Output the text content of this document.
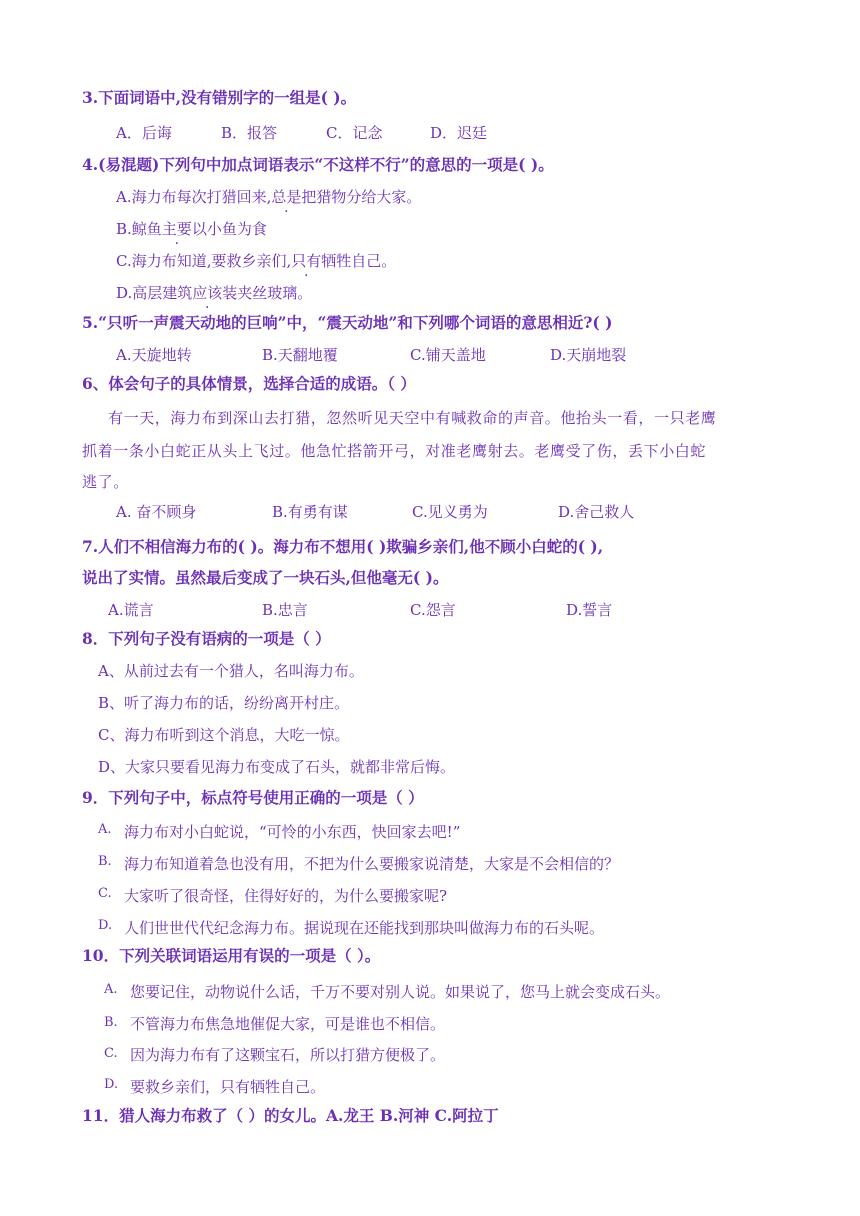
3.下面词语中,没有错别字的一组是( )。
A．后诲	B．报答	C．记念	D．迟廷
4.(易混题)下列句中加点词语表示“不这样不行”的意思的一项是( )。
A.海力布每次打猎回来,总是把猎物分给大家。
B.鲸鱼主要以小鱼为食
C.海力布知道,要救乡亲们,只有牺牲自己。
D.高层建筑应该装夹丝玻璃。
5.“只听一声震天动地的巨响”中，“震天动地”和下列哪个词语的意思相近?( )
A.天旋地转	B.天翻地覆	C.铺天盖地	D.天崩地裂
6、体会句子的具体情景，选择合适的成语。（ ）
有一天，海力布到深山去打猎，忽然听见天空中有喊救命的声音。他抬头一看，一只老鹰
抓着一条小白蛇正从头上飞过。他急忙搭箭开弓，对准老鹰射去。老鹰受了伤，丢下小白蛇
逃了。
A. 奋不顾身	B.有勇有谋	C.见义勇为	D.舍己救人
7.人们不相信海力布的( )。海力布不想用( )欺骗乡亲们,他不顾小白蛇的( ),
说出了实情。虽然最后变成了一块石头,但他毫无( )。
A.谎言	B.忠言	C.怨言	D.誓言
8．下列句子没有语病的一项是（ ）
A、从前过去有一个猎人，名叫海力布。
B、听了海力布的话，纷纷离开村庄。
C、海力布听到这个消息，大吃一惊。
D、大家只要看见海力布变成了石头，就都非常后悔。
9．下列句子中，标点符号使用正确的一项是（ ）
A. 海力布对小白蛇说，“可怜的小东西，快回家去吧!”
B. 海力布知道着急也没有用，不把为什么要搬家说清楚，大家是不会相信的？
C. 大家听了很奇怪，住得好好的，为什么要搬家呢?
D. 人们世世代代纪念海力布。据说现在还能找到那块叫做海力布的石头呢。
10．下列关联词语运用有误的一项是（ ）。
A. 您要记住，动物说什么话，千万不要对别人说。如果说了，您马上就会变成石头。
B. 不管海力布焦急地催促大家，可是谁也不相信。
C. 因为海力布有了这颗宝石，所以打猎方便极了。
D. 要救乡亲们，只有牺牲自己。
11．猎人海力布救了（ ）的女儿。A.龙王 B.河神 C.阿拉丁
